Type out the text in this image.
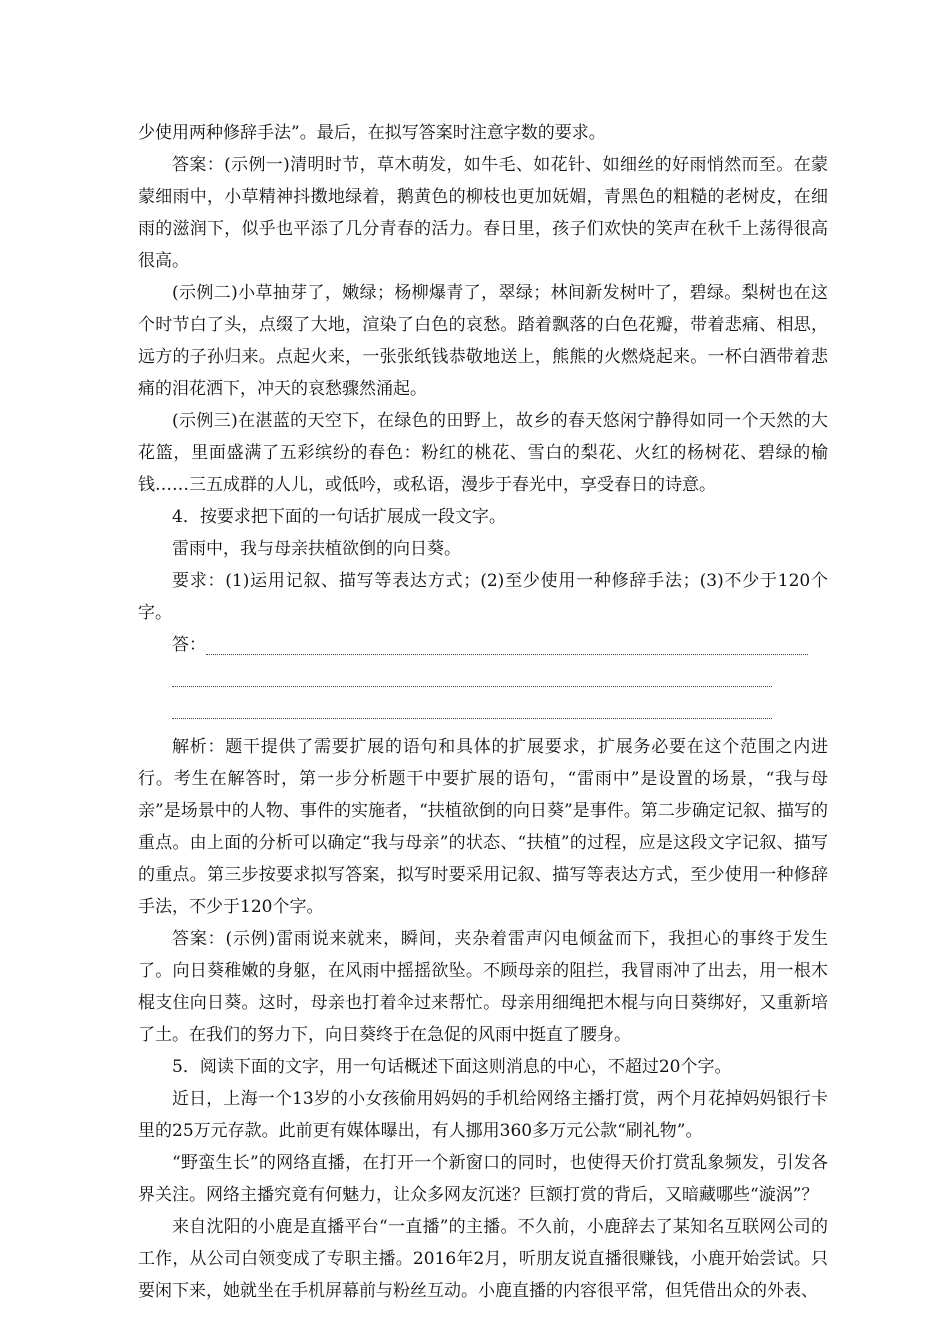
少使用两种修辞手法”。最后，在拟写答案时注意字数的要求。

答案：(示例一)清明时节，草木萌发，如牛毛、如花针、如细丝的好雨悄然而至。在蒙蒙细雨中，小草精神抖擞地绿着，鹅黄色的柳枝也更加妩媚，青黑色的粗糙的老树皮，在细雨的滋润下，似乎也平添了几分青春的活力。春日里，孩子们欢快的笑声在秋千上荡得很高很高。

(示例二)小草抽芽了，嫩绿；杨柳爆青了，翠绿；林间新发树叶了，碧绿。梨树也在这个时节白了头，点缀了大地，渲染了白色的哀愁。踏着飘落的白色花瓣，带着悲痛、相思，远方的子孙归来。点起火来，一张张纸钱恭敬地送上，熊熊的火燃烧起来。一杯白酒带着悲痛的泪花洒下，冲天的哀愁骤然涌起。

(示例三)在湛蓝的天空下，在绿色的田野上，故乡的春天悠闲宁静得如同一个天然的大花篮，里面盛满了五彩缤纷的春色：粉红的桃花、雪白的梨花、火红的杨树花、碧绿的榆钱……三五成群的人儿，或低吟，或私语，漫步于春光中，享受春日的诗意。

4．按要求把下面的一句话扩展成一段文字。

雷雨中，我与母亲扶植欲倒的向日葵。

要求：(1)运用记叙、描写等表达方式；(2)至少使用一种修辞手法；(3)不少于120个字。

答：

解析：题干提供了需要扩展的语句和具体的扩展要求，扩展务必要在这个范围之内进行。考生在解答时，第一步分析题干中要扩展的语句，“雷雨中”是设置的场景，“我与母亲”是场景中的人物、事件的实施者，“扶植欲倒的向日葵”是事件。第二步确定记叙、描写的重点。由上面的分析可以确定“我与母亲”的状态、“扶植”的过程，应是这段文字记叙、描写的重点。第三步按要求拟写答案，拟写时要采用记叙、描写等表达方式，至少使用一种修辞手法，不少于120个字。

答案：(示例)雷雨说来就来，瞬间，夹杂着雷声闪电倾盆而下，我担心的事终于发生了。向日葵稚嫩的身躯，在风雨中摇摇欲坠。不顾母亲的阻拦，我冒雨冲了出去，用一根木棍支住向日葵。这时，母亲也打着伞过来帮忙。母亲用细绳把木棍与向日葵绑好，又重新培了土。在我们的努力下，向日葵终于在急促的风雨中挺直了腰身。

5．阅读下面的文字，用一句话概述下面这则消息的中心，不超过20个字。

近日，上海一个13岁的小女孩偷用妈妈的手机给网络主播打赏，两个月花掉妈妈银行卡里的25万元存款。此前更有媒体曝出，有人挪用360多万元公款“刷礼物”。

“野蛮生长”的网络直播，在打开一个新窗口的同时，也使得天价打赏乱象频发，引发各界关注。网络主播究竟有何魅力，让众多网友沉迷？巨额打赏的背后，又暗藏哪些“漩涡”？

来自沈阳的小鹿是直播平台“一直播”的主播。不久前，小鹿辞去了某知名互联网公司的工作，从公司白领变成了专职主播。2016年2月，听朋友说直播很赚钱，小鹿开始尝试。只要闲下来，她就坐在手机屏幕前与粉丝互动。小鹿直播的内容很平常，但凭借出众的外表、
